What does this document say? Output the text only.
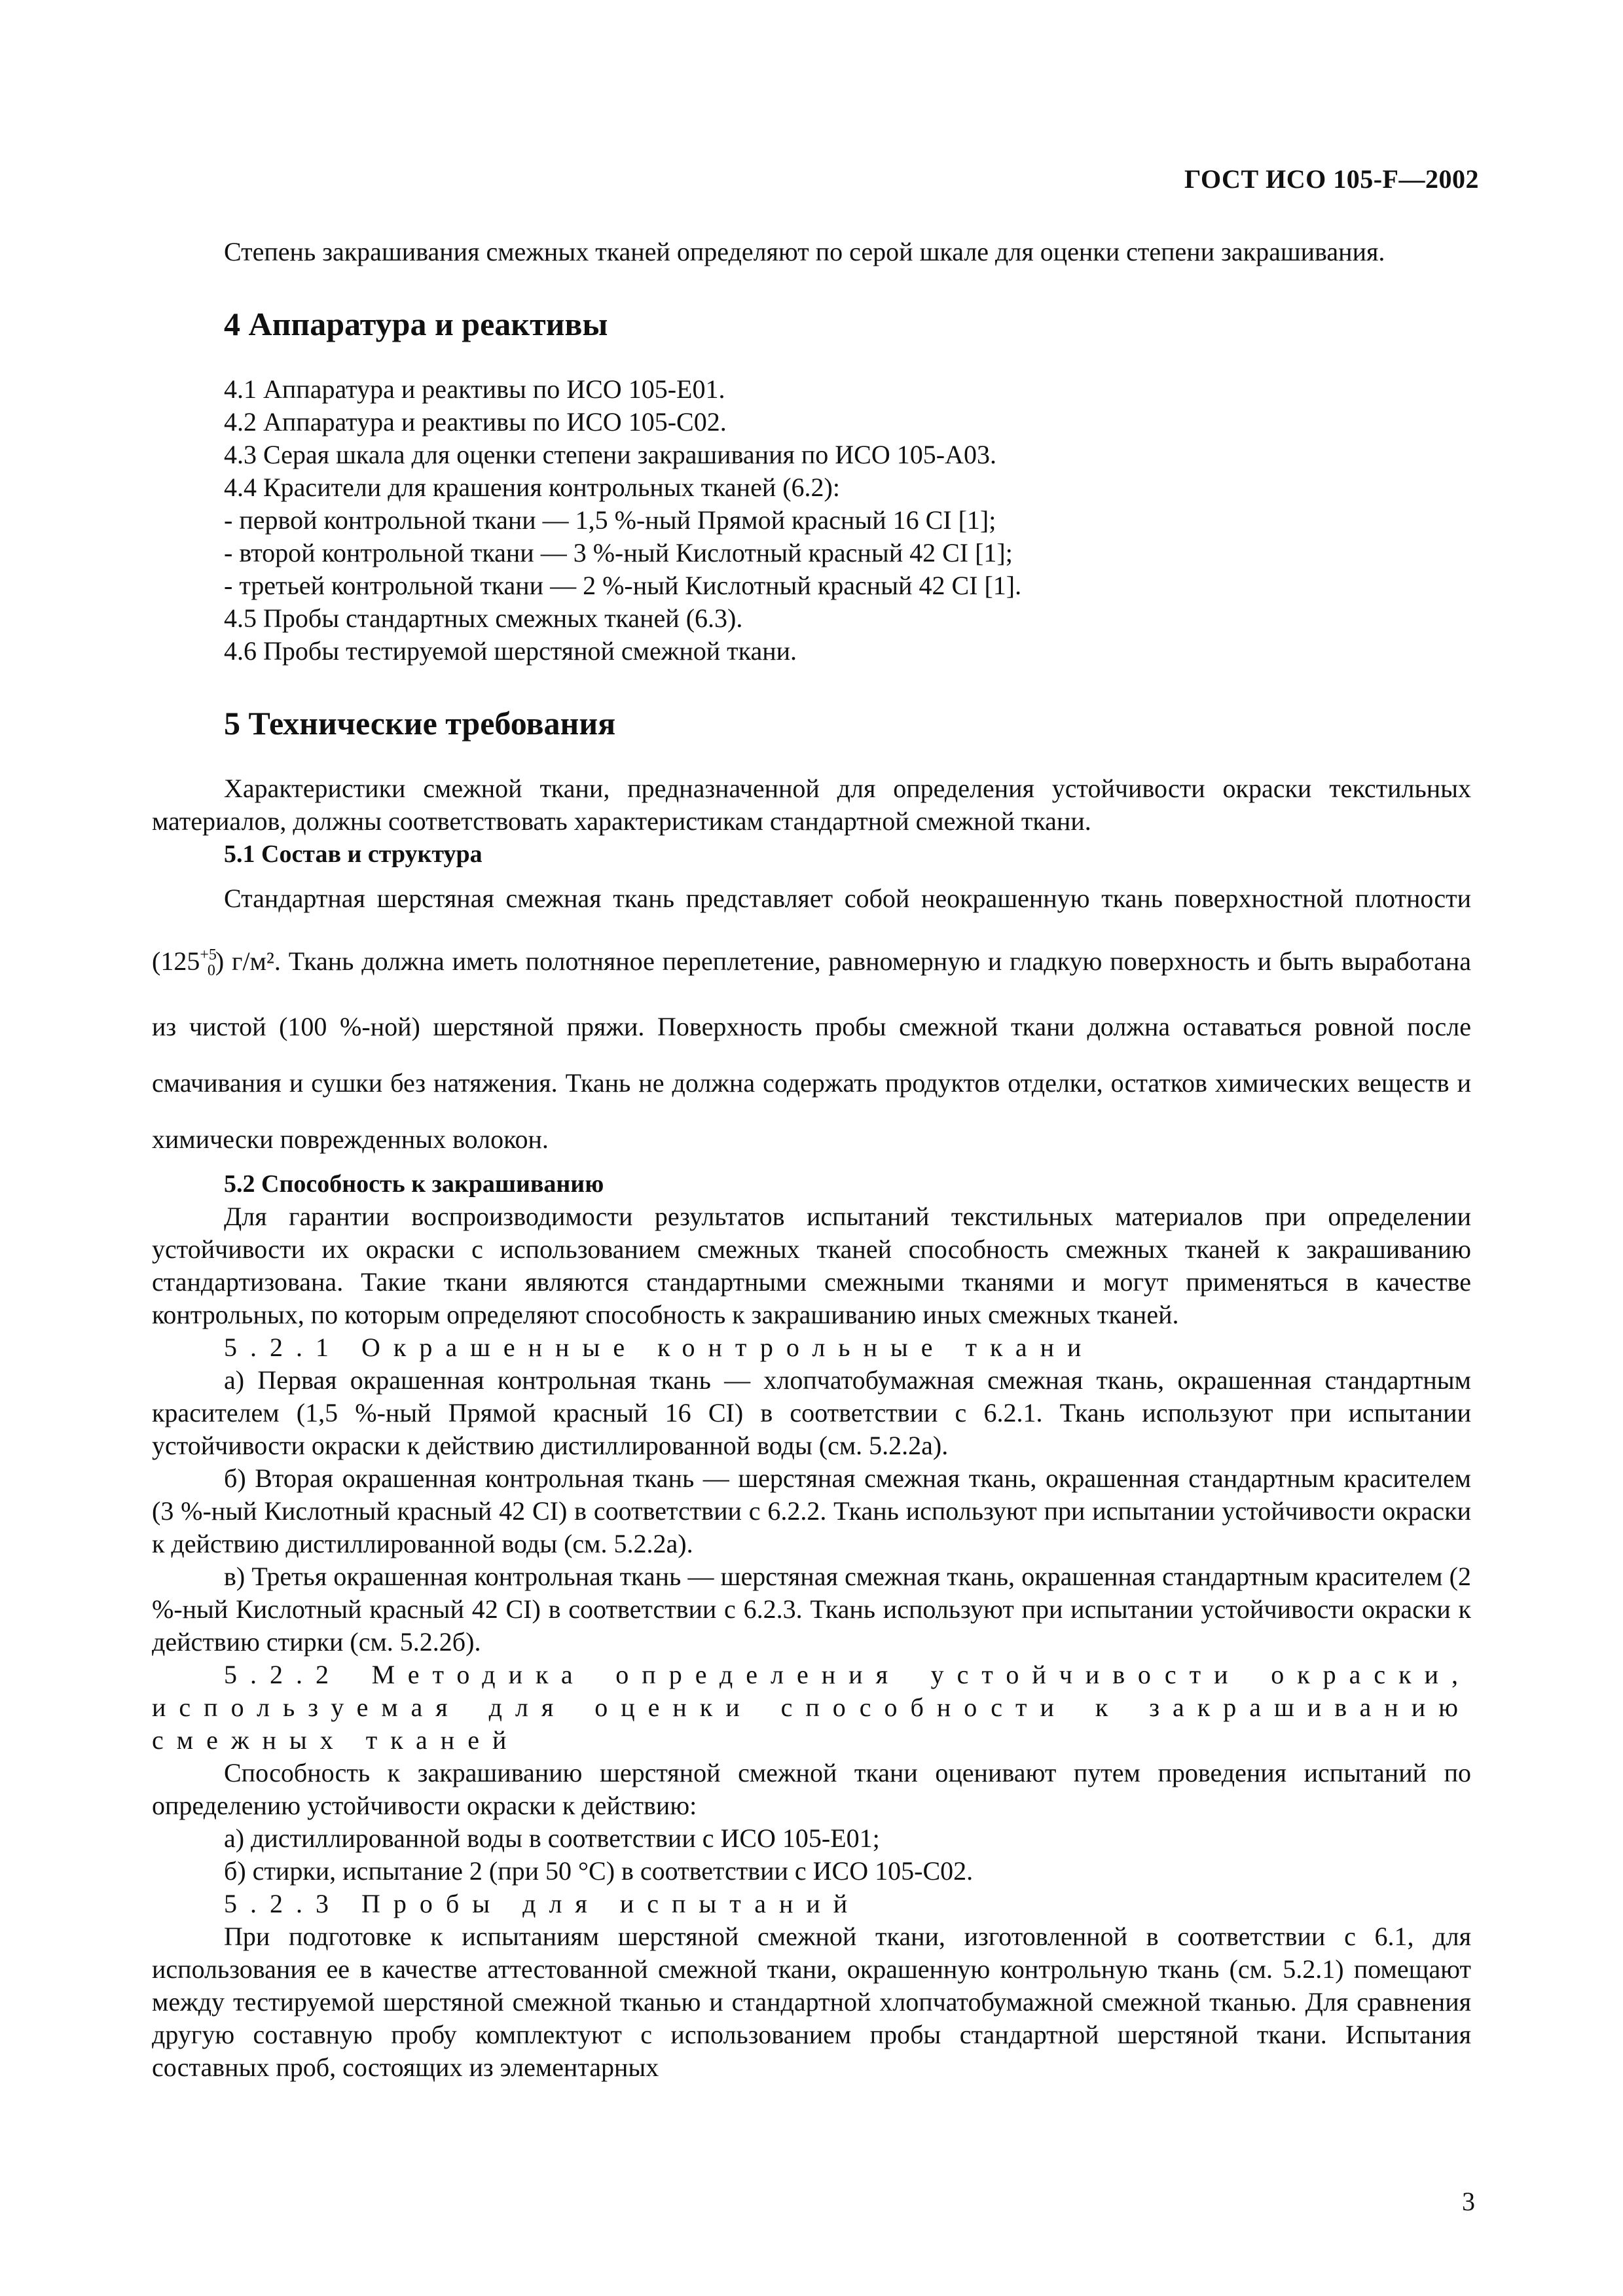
ГОСТ ИСО 105-F—2002

Степень закрашивания смежных тканей определяют по серой шкале для оценки степени закрашивания.

4 Аппаратура и реактивы

4.1 Аппаратура и реактивы по ИСО 105-Е01.

4.2 Аппаратура и реактивы по ИСО 105-С02.

4.3 Серая шкала для оценки степени закрашивания по ИСО 105-А03.

4.4 Красители для крашения контрольных тканей (6.2):

- первой контрольной ткани — 1,5 %-ный Прямой красный 16 CI [1];

- второй контрольной ткани — 3 %-ный Кислотный красный 42 CI [1];

- третьей контрольной ткани — 2 %-ный Кислотный красный 42 CI [1].

4.5 Пробы стандартных смежных тканей (6.3).

4.6 Пробы тестируемой шерстяной смежной ткани.

5 Технические требования

Характеристики смежной ткани, предназначенной для определения устойчивости окраски текстильных материалов, должны соответствовать характеристикам стандартной смежной ткани.

5.1 Состав и структура

Стандартная шерстяная смежная ткань представляет собой неокрашенную ткань поверхностной плотности $(125^{+5}_0)$ г/м². Ткань должна иметь полотняное переплетение, равномерную и гладкую поверхность и быть выработана из чистой (100 %-ной) шерстяной пряжи. Поверхность пробы смежной ткани должна оставаться ровной после смачивания и сушки без натяжения. Ткань не должна содержать продуктов отделки, остатков химических веществ и химически поврежденных волокон.

5.2 Способность к закрашиванию

Для гарантии воспроизводимости результатов испытаний текстильных материалов при определении устойчивости их окраски с использованием смежных тканей способность смежных тканей к закрашиванию стандартизована. Такие ткани являются стандартными смежными тканями и могут применяться в качестве контрольных, по которым определяют способность к закрашиванию иных смежных тканей.

5.2.1 Окрашенные контрольные ткани

а) Первая окрашенная контрольная ткань — хлопчатобумажная смежная ткань, окрашенная стандартным красителем (1,5 %-ный Прямой красный 16 CI) в соответствии с 6.2.1. Ткань используют при испытании устойчивости окраски к действию дистиллированной воды (см. 5.2.2а).

б) Вторая окрашенная контрольная ткань — шерстяная смежная ткань, окрашенная стандартным красителем (3 %-ный Кислотный красный 42 CI) в соответствии с 6.2.2. Ткань используют при испытании устойчивости окраски к действию дистиллированной воды (см. 5.2.2а).

в) Третья окрашенная контрольная ткань — шерстяная смежная ткань, окрашенная стандартным красителем (2 %-ный Кислотный красный 42 CI) в соответствии с 6.2.3. Ткань используют при испытании устойчивости окраски к действию стирки (см. 5.2.2б).

5.2.2 Методика определения устойчивости окраски, используемая для оценки способности к закрашиванию смежных тканей

Способность к закрашиванию шерстяной смежной ткани оценивают путем проведения испытаний по определению устойчивости окраски к действию:

а) дистиллированной воды в соответствии с ИСО 105-Е01;

б) стирки, испытание 2 (при 50 °С) в соответствии с ИСО 105-С02.

5.2.3 Пробы для испытаний

При подготовке к испытаниям шерстяной смежной ткани, изготовленной в соответствии с 6.1, для использования ее в качестве аттестованной смежной ткани, окрашенную контрольную ткань (см. 5.2.1) помещают между тестируемой шерстяной смежной тканью и стандартной хлопчатобумажной смежной тканью. Для сравнения другую составную пробу комплектуют с использованием пробы стандартной шерстяной ткани. Испытания составных проб, состоящих из элементарных

3
